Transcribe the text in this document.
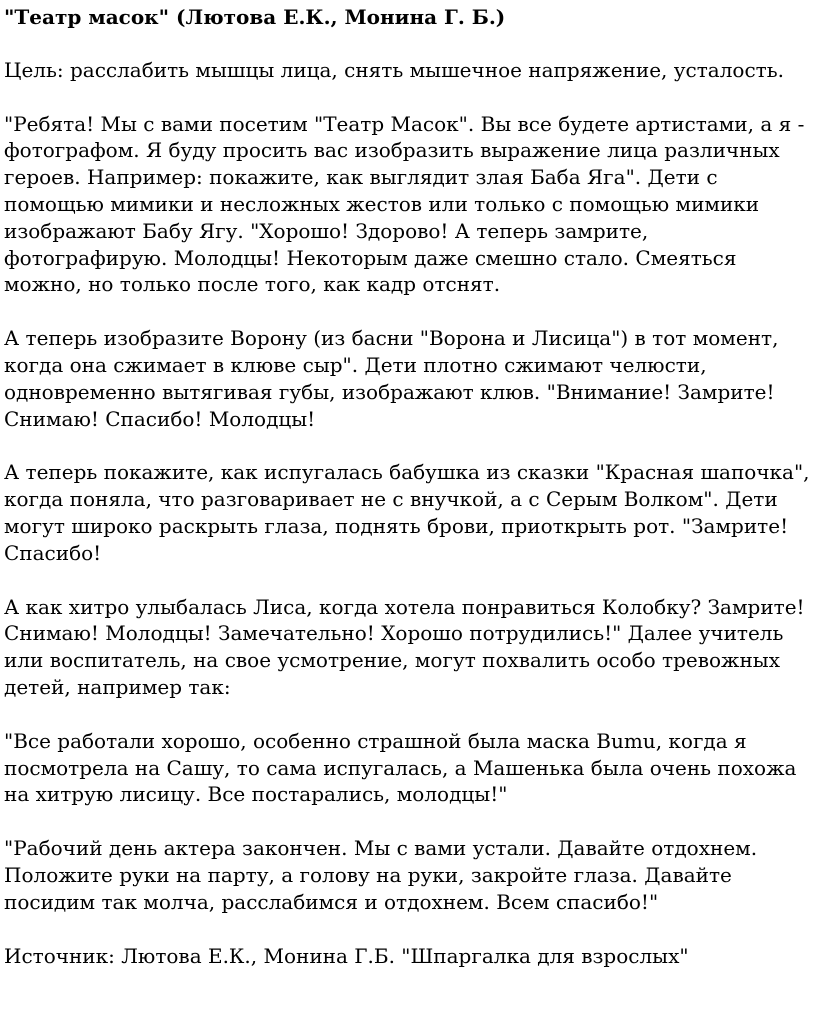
"Театр масок" (Лютова Е.К., Монина Г. Б.)
Цель: расслабить мышцы лица, снять мышечное напряжение, усталость.
"Ребята! Мы с вами посетим "Театр Масок". Вы все будете артистами, а я - фотографом. Я буду просить вас изобразить выражение лица различных героев. Например: покажите, как выглядит злая Баба Яга". Дети с помощью мимики и несложных жестов или только с помощью мимики изображают Бабу Ягу. "Хорошо! Здорово! А теперь замрите, фотографирую. Молодцы! Некоторым даже смешно стало. Смеяться можно, но только после того, как кадр отснят.
А теперь изобразите Ворону (из басни "Ворона и Лисица") в тот момент, когда она сжимает в клюве сыр". Дети плотно сжимают челюсти, одновременно вытягивая губы, изображают клюв. "Внимание! Замрите! Снимаю! Спасибо! Молодцы!
А теперь покажите, как испугалась бабушка из сказки "Красная шапочка", когда поняла, что разговаривает не с внучкой, а с Серым Волком". Дети могут широко раскрыть глаза, поднять брови, приоткрыть рот. "Замрите! Спасибо!
А как хитро улыбалась Лиса, когда хотела понравиться Колобку? Замрите! Снимаю! Молодцы! Замечательно! Хорошо потрудились!" Далее учитель или воспитатель, на свое усмотрение, могут похвалить особо тревожных детей, например так:
"Все работали хорошо, особенно страшной была маска Bumu, когда я посмотрела на Сашу, то сама испугалась, а Машенька была очень похожа на хитрую лисицу. Все постарались, молодцы!"
"Рабочий день актера закончен. Мы с вами устали. Давайте отдохнем. Положите руки на парту, а голову на руки, закройте глаза. Давайте посидим так молча, расслабимся и отдохнем. Всем спасибо!"
Источник: Лютова Е.К., Монина Г.Б. "Шпаргалка для взрослых"
